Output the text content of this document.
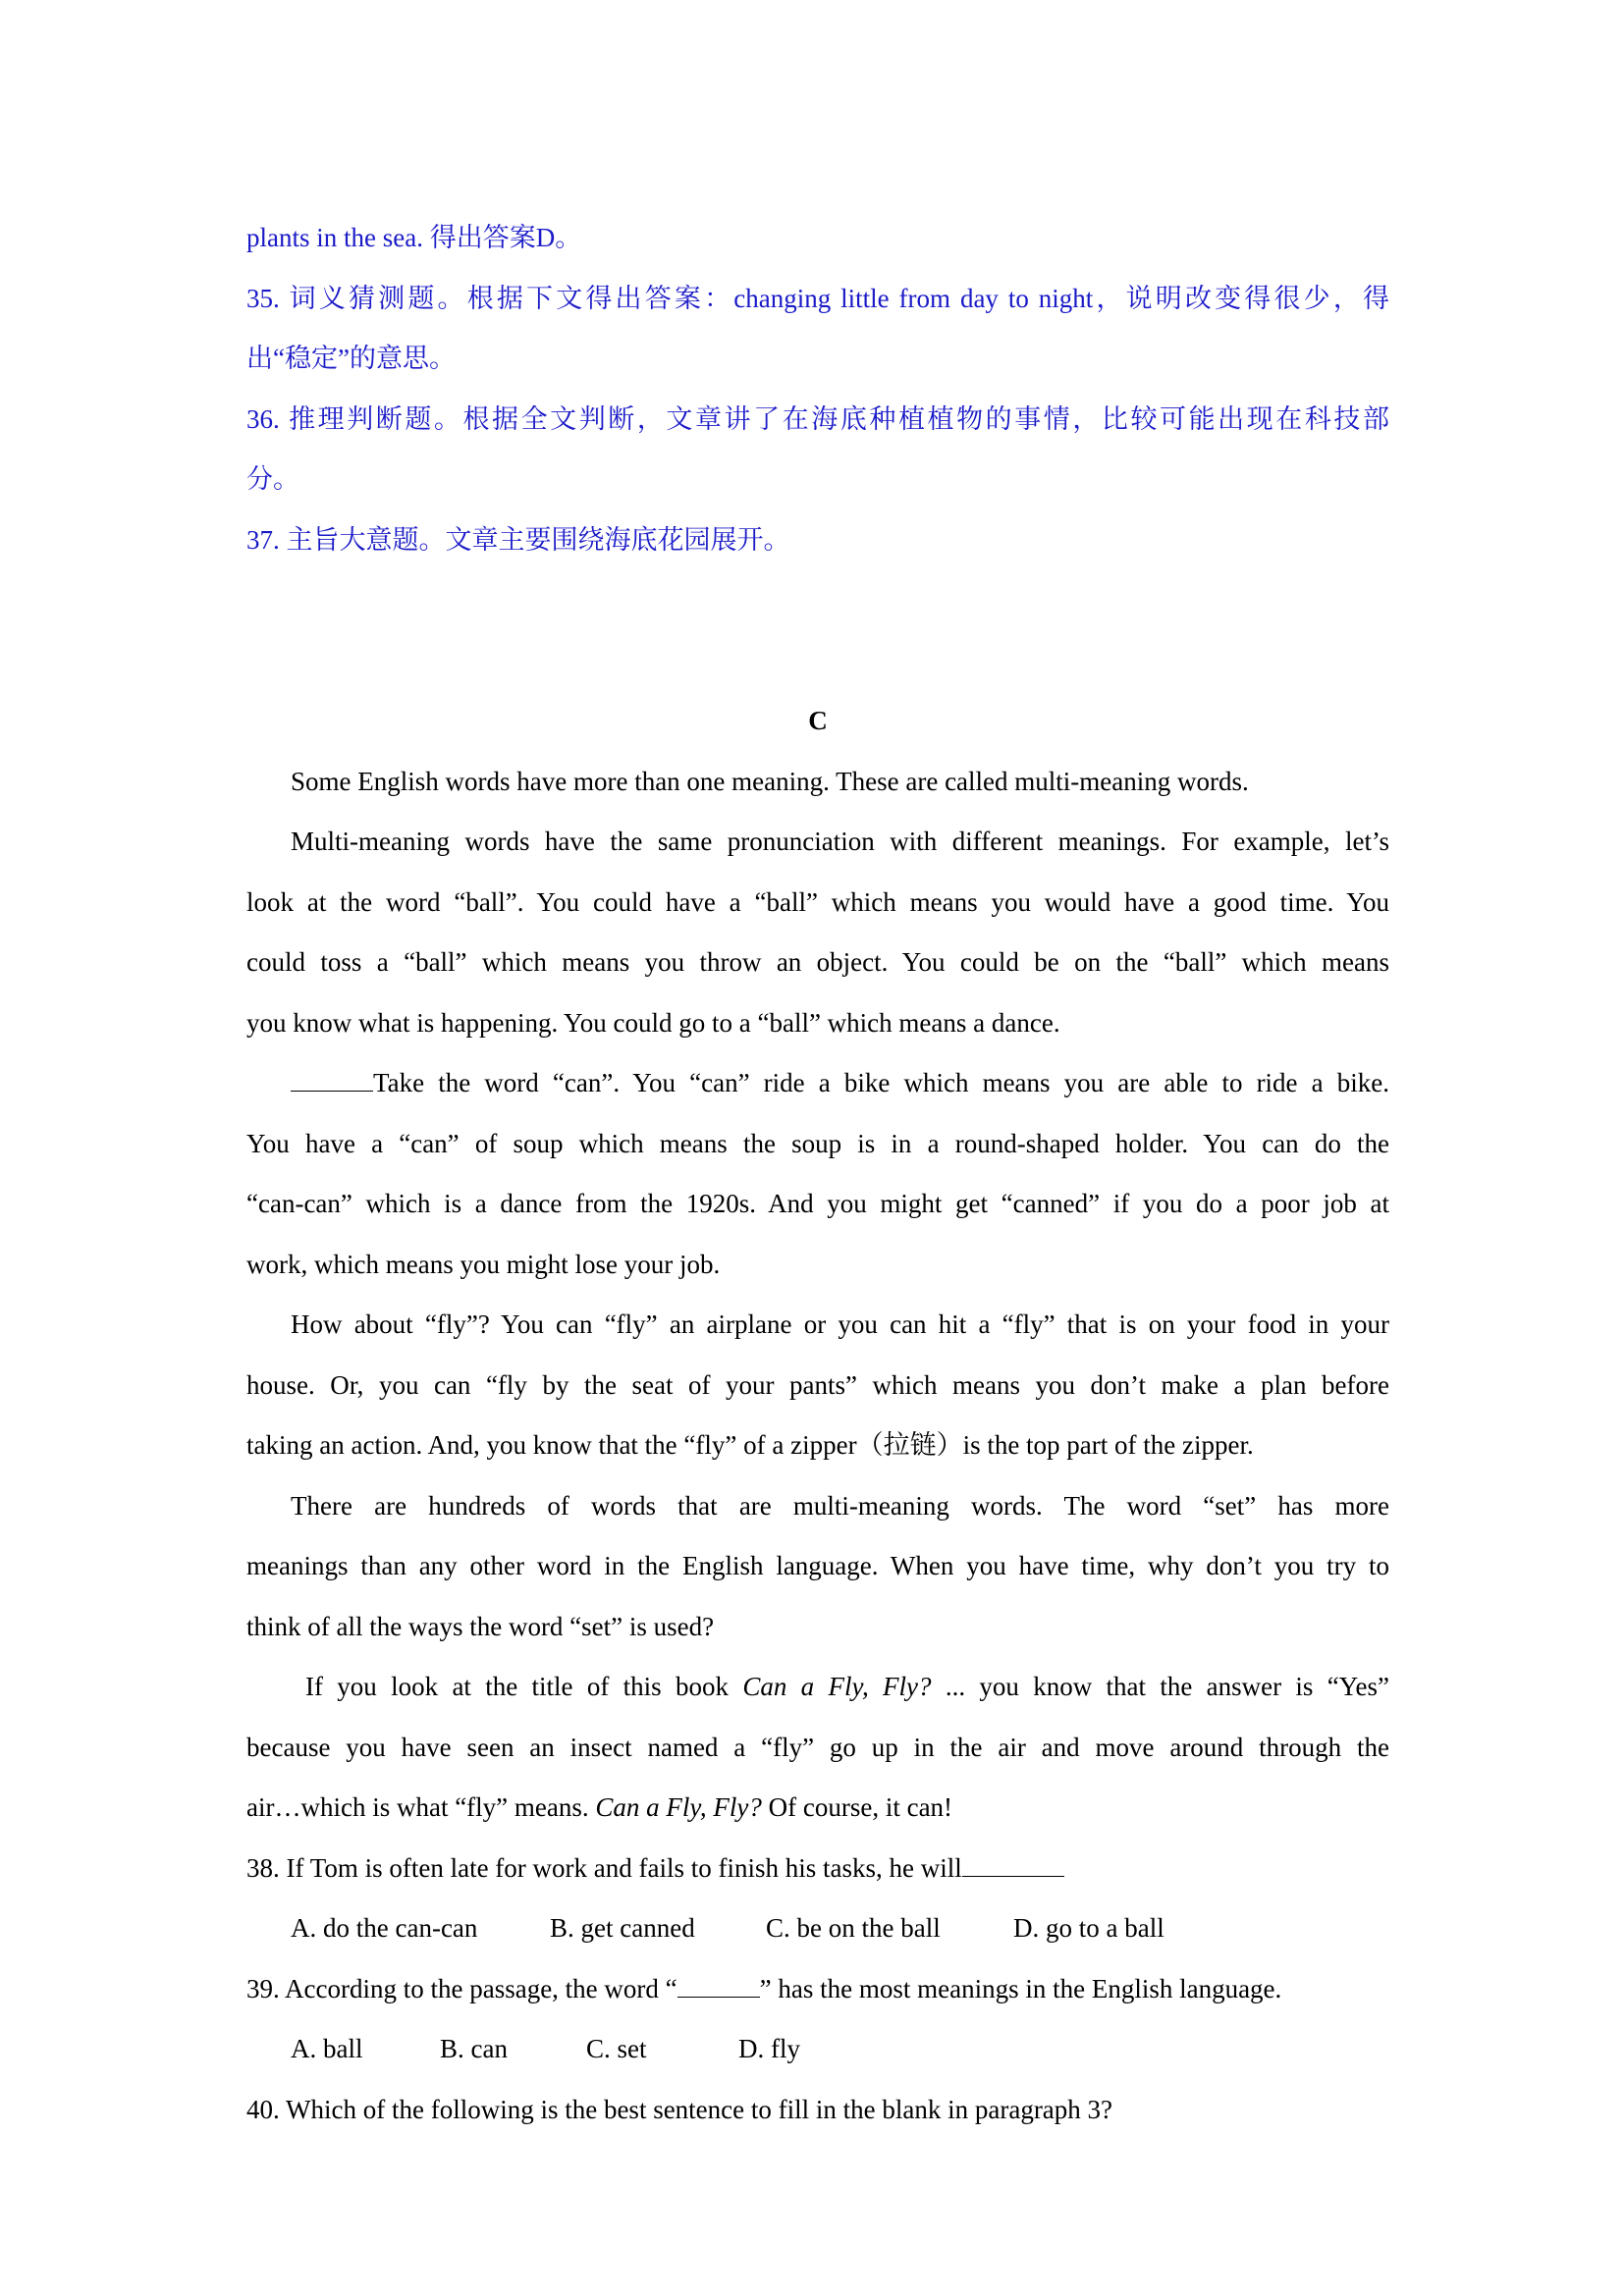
plants in the sea. 得出答案D。
35. 词义猜测题。根据下文得出答案：changing little from day to night，说明改变得很少，得
出“稳定”的意思。
36. 推理判断题。根据全文判断，文章讲了在海底种植植物的事情，比较可能出现在科技部
分。
37. 主旨大意题。文章主要围绕海底花园展开。
C
Some English words have more than one meaning. These are called multi-meaning words.
Multi-meaning words have the same pronunciation with different meanings. For example, let’s
look at the word “ball”. You could have a “ball” which means you would have a good time. You
could toss a “ball” which means you throw an object. You could be on the “ball” which means
you know what is happening. You could go to a “ball” which means a dance.
Take the word “can”. You “can” ride a bike which means you are able to ride a bike.
You have a “can” of soup which means the soup is in a round-shaped holder. You can do the
“can-can” which is a dance from the 1920s. And you might get “canned” if you do a poor job at
work, which means you might lose your job.
How about “fly”? You can “fly” an airplane or you can hit a “fly” that is on your food in your
house. Or, you can “fly by the seat of your pants” which means you don’t make a plan before
taking an action. And, you know that the “fly” of a zipper（拉链）is the top part of the zipper.
There are hundreds of words that are multi-meaning words. The word “set” has more
meanings than any other word in the English language. When you have time, why don’t you try to
think of all the ways the word “set” is used?
If you look at the title of this book Can a Fly, Fly? ... you know that the answer is “Yes”
because you have seen an insect named a “fly” go up in the air and move around through the
air…which is what “fly” means. Can a Fly, Fly? Of course, it can!
38. If Tom is often late for work and fails to finish his tasks, he will
A. do the can-can	B. get canned	C. be on the ball	D. go to a ball
39. According to the passage, the word “	” has the most meanings in the English language.
A. ball	B. can	C. set	D. fly
40. Which of the following is the best sentence to fill in the blank in paragraph 3?
